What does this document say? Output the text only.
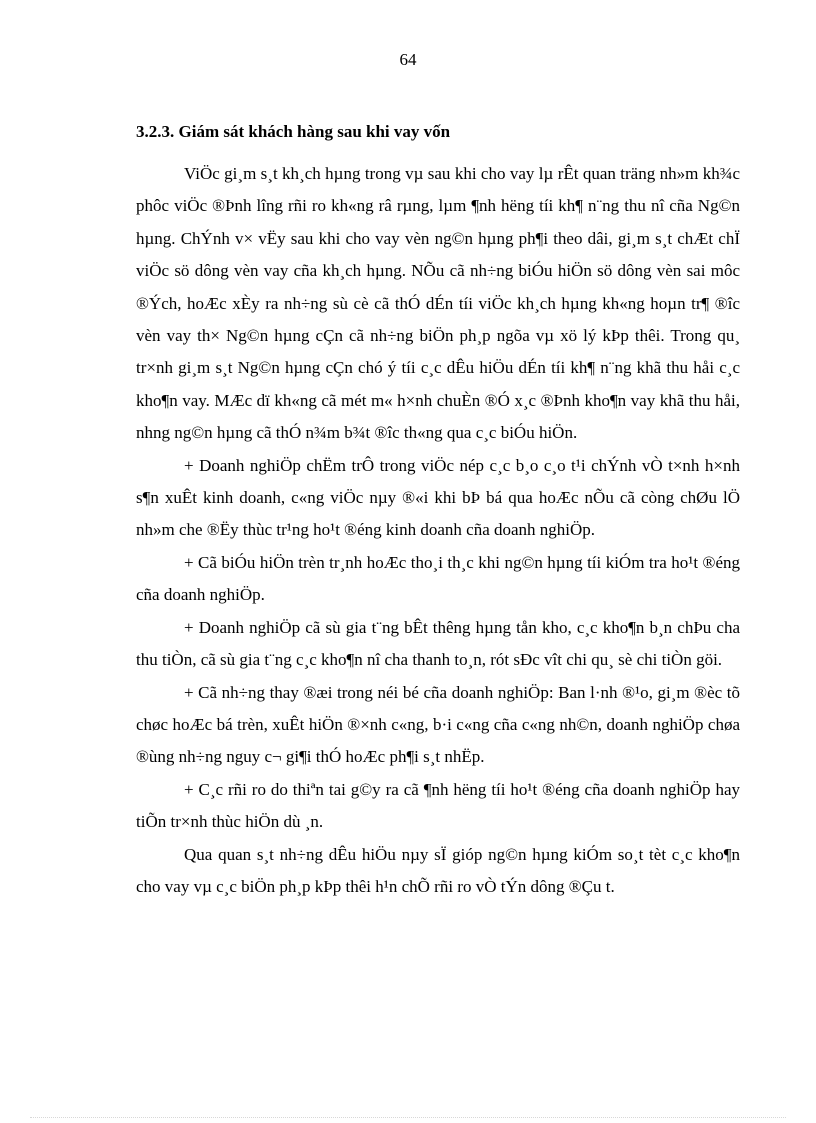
64
3.2.3. Giám sát khách hàng sau khi vay vốn

ViÖc gi¸m s¸t kh¸ch hµng trong vµ sau khi cho vay lµ rÊt quan träng nh»m kh¾c phôc viÖc ®Þnh lîng rñi ro kh«ng râ rµng, lµm ¶nh hëng tíi kh¶ n¨ng thu nî cña Ng©n hµng. ChÝnh v× vËy sau khi cho vay vèn ng©n hµng ph¶i theo dâi, gi¸m s¸t chÆt chÏ viÖc sö dông vèn vay cña kh¸ch hµng. NÕu cã nh÷ng biÓu hiÖn sö dông vèn sai môc ®Ých, hoÆc xÈy ra nh÷ng sù cè cã thÓ dÉn tíi viÖc kh¸ch hµng kh«ng hoµn tr¶ ®îc vèn vay th× Ng©n hµng cÇn cã nh÷ng biÖn ph¸p ngõa vµ xö lý kÞp thêi. Trong qu¸ tr×nh gi¸m s¸t Ng©n hµng cÇn chó ý tíi c¸c dÊu hiÖu dÉn tíi kh¶ n¨ng khã thu håi c¸c kho¶n vay. MÆc dï kh«ng cã mét m« h×nh chuÈn ®Ó x¸c ®Þnh kho¶n vay khã thu håi, nhng ng©n hµng cã thÓ n¾m b¾t ®îc th«ng qua c¸c biÓu hiÖn.

+ Doanh nghiÖp chËm trÔ trong viÖc nép c¸c b¸o c¸o t¹i chÝnh vÒ t×nh h×nh s¶n xuÊt kinh doanh, c«ng viÖc nµy ®«i khi bÞ bá qua hoÆc nÕu cã còng chØu lÖ nh»m che ®Ëy thùc tr¹ng ho¹t ®éng kinh doanh cña doanh nghiÖp.

+ Cã biÓu hiÖn trèn tr¸nh hoÆc tho¸i th¸c khi ng©n hµng tíi kiÓm tra ho¹t ®éng cña doanh nghiÖp.

+ Doanh nghiÖp cã sù gia t¨ng bÊt thêng hµng tån kho, c¸c kho¶n b¸n chÞu cha thu tiÒn, cã sù gia t¨ng c¸c kho¶n nî cha thanh to¸n, rót sÐc vît chi qu¸ sè chi tiÒn göi.

+ Cã nh÷ng thay ®æi trong néi bé cña doanh nghiÖp: Ban l·nh ®¹o, gi¸m ®èc tõ chøc hoÆc bá trèn, xuÊt hiÖn ®×nh c«ng, b·i c«ng cña c«ng nh©n, doanh nghiÖp chøa ®ùng nh÷ng nguy c¬ gi¶i thÓ hoÆc ph¶i s¸t nhËp.

+ C¸c rñi ro do thiªn tai g©y ra cã ¶nh hëng tíi ho¹t ®éng cña doanh nghiÖp hay tiÕn tr×nh thùc hiÖn dù ¸n.

Qua quan s¸t nh÷ng dÊu hiÖu nµy sÏ gióp ng©n hµng kiÓm so¸t tèt c¸c kho¶n cho vay vµ c¸c biÖn ph¸p kÞp thêi h¹n chÕ rñi ro vÒ tÝn dông ®Çu t.
